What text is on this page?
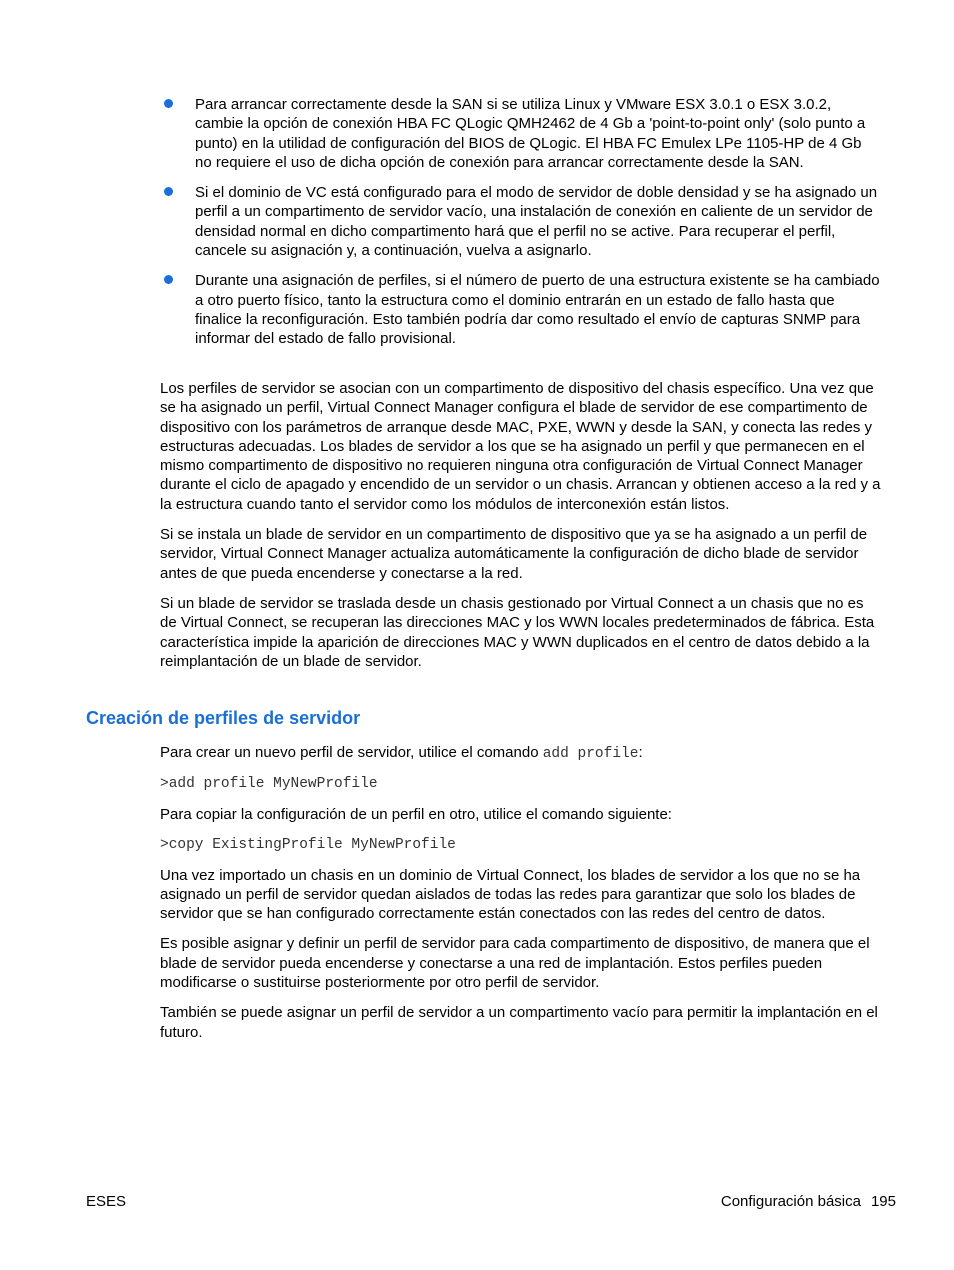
Para arrancar correctamente desde la SAN si se utiliza Linux y VMware ESX 3.0.1 o ESX 3.0.2, cambie la opción de conexión HBA FC QLogic QMH2462 de 4 Gb a 'point-to-point only' (solo punto a punto) en la utilidad de configuración del BIOS de QLogic. El HBA FC Emulex LPe 1105-HP de 4 Gb no requiere el uso de dicha opción de conexión para arrancar correctamente desde la SAN.
Si el dominio de VC está configurado para el modo de servidor de doble densidad y se ha asignado un perfil a un compartimento de servidor vacío, una instalación de conexión en caliente de un servidor de densidad normal en dicho compartimento hará que el perfil no se active. Para recuperar el perfil, cancele su asignación y, a continuación, vuelva a asignarlo.
Durante una asignación de perfiles, si el número de puerto de una estructura existente se ha cambiado a otro puerto físico, tanto la estructura como el dominio entrarán en un estado de fallo hasta que finalice la reconfiguración. Esto también podría dar como resultado el envío de capturas SNMP para informar del estado de fallo provisional.

Los perfiles de servidor se asocian con un compartimento de dispositivo del chasis específico. Una vez que se ha asignado un perfil, Virtual Connect Manager configura el blade de servidor de ese compartimento de dispositivo con los parámetros de arranque desde MAC, PXE, WWN y desde la SAN, y conecta las redes y estructuras adecuadas. Los blades de servidor a los que se ha asignado un perfil y que permanecen en el mismo compartimento de dispositivo no requieren ninguna otra configuración de Virtual Connect Manager durante el ciclo de apagado y encendido de un servidor o un chasis. Arrancan y obtienen acceso a la red y a la estructura cuando tanto el servidor como los módulos de interconexión están listos.

Si se instala un blade de servidor en un compartimento de dispositivo que ya se ha asignado a un perfil de servidor, Virtual Connect Manager actualiza automáticamente la configuración de dicho blade de servidor antes de que pueda encenderse y conectarse a la red.

Si un blade de servidor se traslada desde un chasis gestionado por Virtual Connect a un chasis que no es de Virtual Connect, se recuperan las direcciones MAC y los WWN locales predeterminados de fábrica. Esta característica impide la aparición de direcciones MAC y WWN duplicados en el centro de datos debido a la reimplantación de un blade de servidor.

Creación de perfiles de servidor

Para crear un nuevo perfil de servidor, utilice el comando add profile:

>add profile MyNewProfile

Para copiar la configuración de un perfil en otro, utilice el comando siguiente:

>copy ExistingProfile MyNewProfile

Una vez importado un chasis en un dominio de Virtual Connect, los blades de servidor a los que no se ha asignado un perfil de servidor quedan aislados de todas las redes para garantizar que solo los blades de servidor que se han configurado correctamente están conectados con las redes del centro de datos.

Es posible asignar y definir un perfil de servidor para cada compartimento de dispositivo, de manera que el blade de servidor pueda encenderse y conectarse a una red de implantación. Estos perfiles pueden modificarse o sustituirse posteriormente por otro perfil de servidor.

También se puede asignar un perfil de servidor a un compartimento vacío para permitir la implantación en el futuro.

ESES	Configuración básica 195
